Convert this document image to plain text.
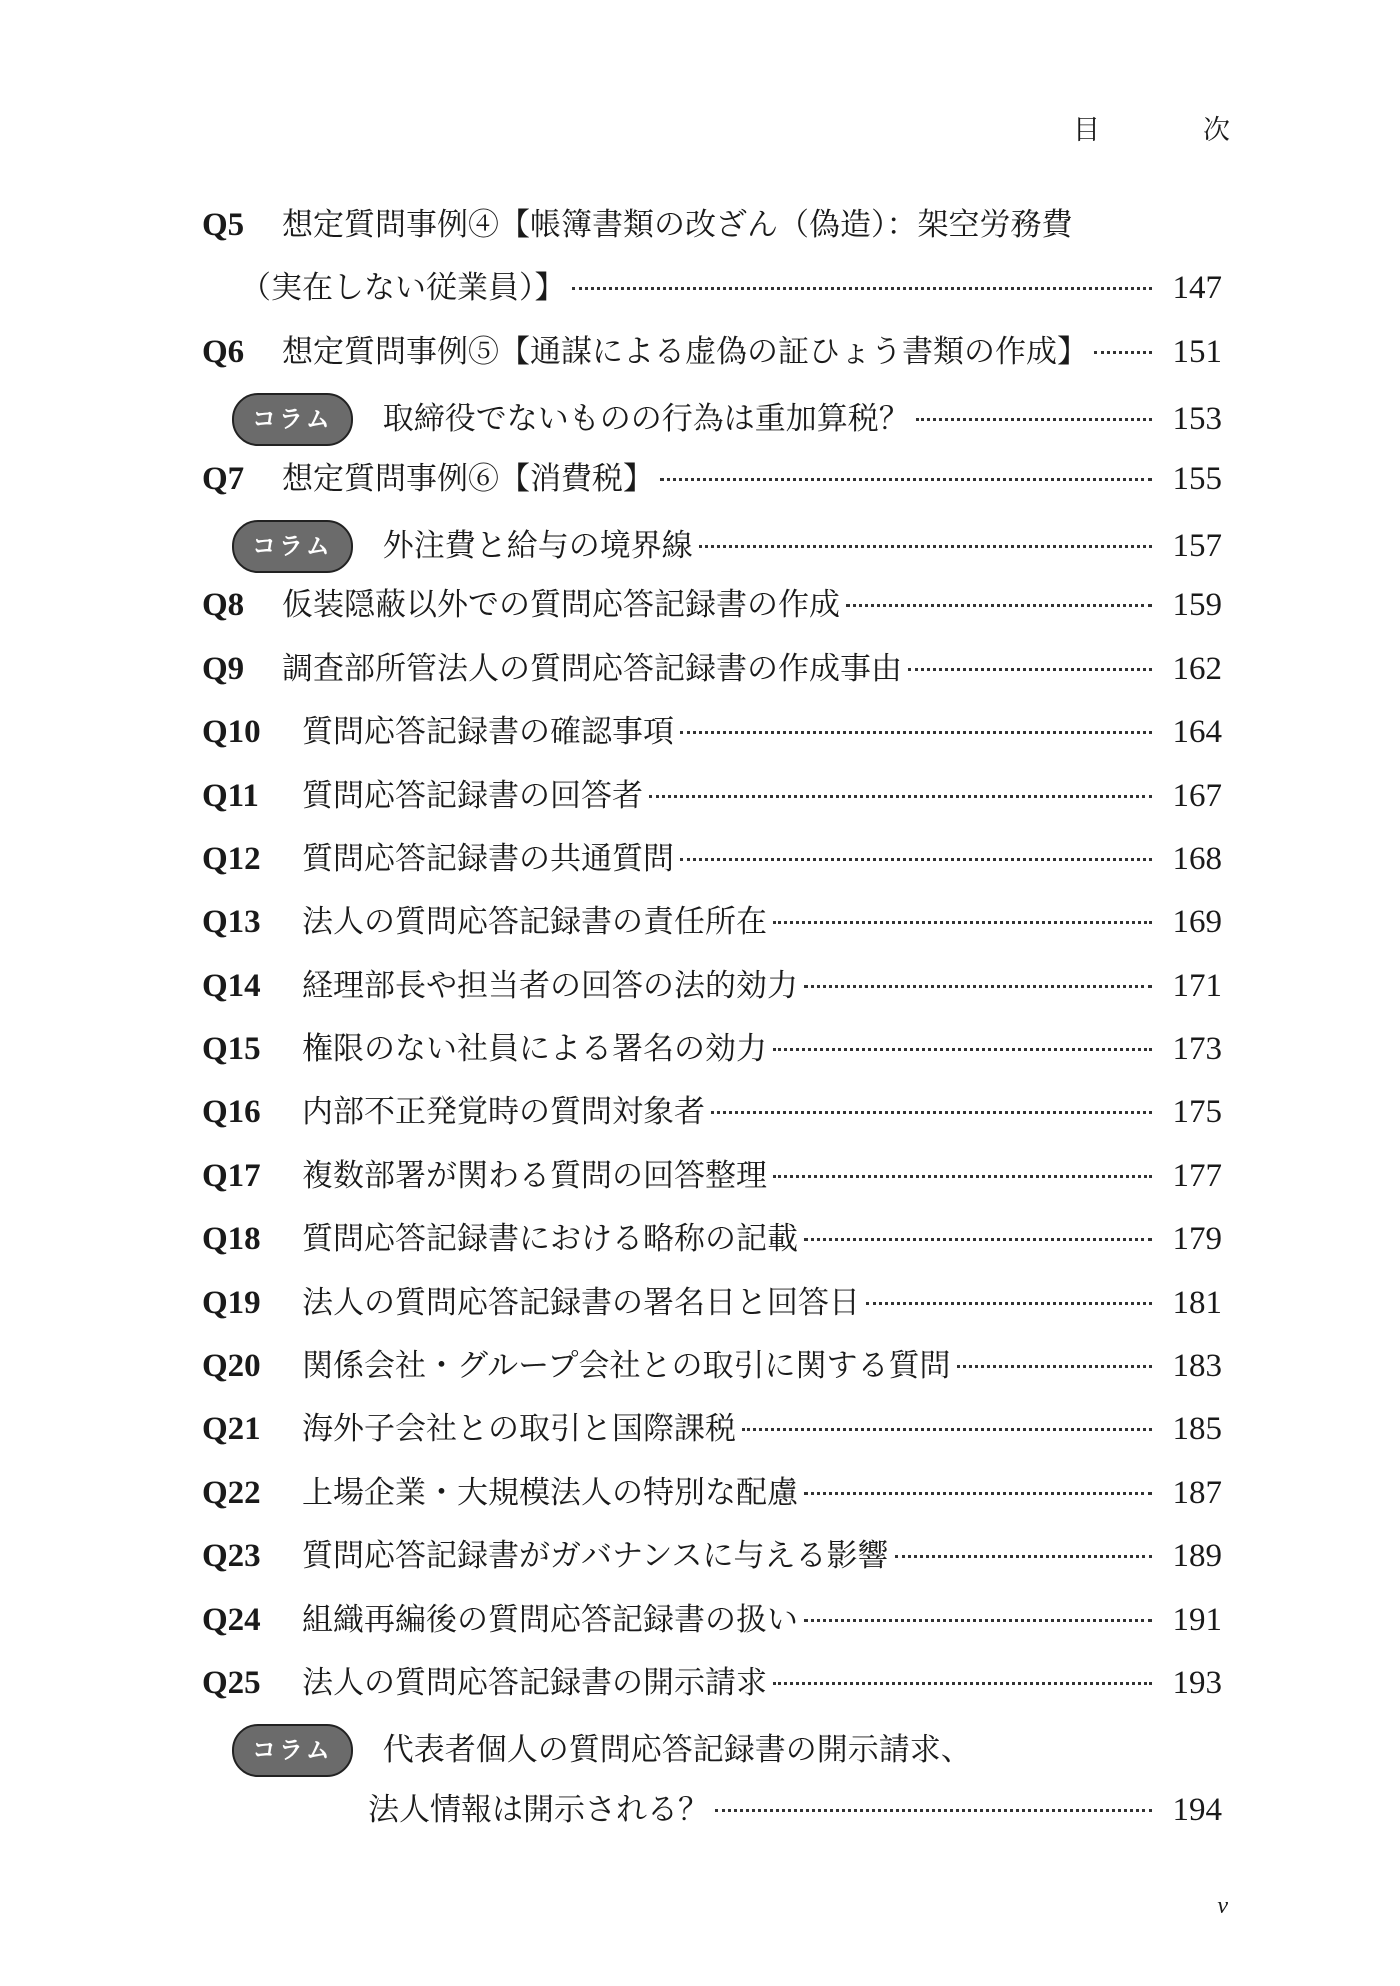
目　次
Q5	想定質問事例④【帳簿書類の改ざん（偽造）：架空労務費
（実在しない従業員）】	147
Q6	想定質問事例⑤【通謀による虚偽の証ひょう書類の作成】	151
コラム	取締役でないものの行為は重加算税？	153
Q7	想定質問事例⑥【消費税】	155
コラム	外注費と給与の境界線	157
Q8	仮装隠蔽以外での質問応答記録書の作成	159
Q9	調査部所管法人の質問応答記録書の作成事由	162
Q10	質問応答記録書の確認事項	164
Q11	質問応答記録書の回答者	167
Q12	質問応答記録書の共通質問	168
Q13	法人の質問応答記録書の責任所在	169
Q14	経理部長や担当者の回答の法的効力	171
Q15	権限のない社員による署名の効力	173
Q16	内部不正発覚時の質問対象者	175
Q17	複数部署が関わる質問の回答整理	177
Q18	質問応答記録書における略称の記載	179
Q19	法人の質問応答記録書の署名日と回答日	181
Q20	関係会社・グループ会社との取引に関する質問	183
Q21	海外子会社との取引と国際課税	185
Q22	上場企業・大規模法人の特別な配慮	187
Q23	質問応答記録書がガバナンスに与える影響	189
Q24	組織再編後の質問応答記録書の扱い	191
Q25	法人の質問応答記録書の開示請求	193
コラム	代表者個人の質問応答記録書の開示請求、
法人情報は開示される？	194
v
